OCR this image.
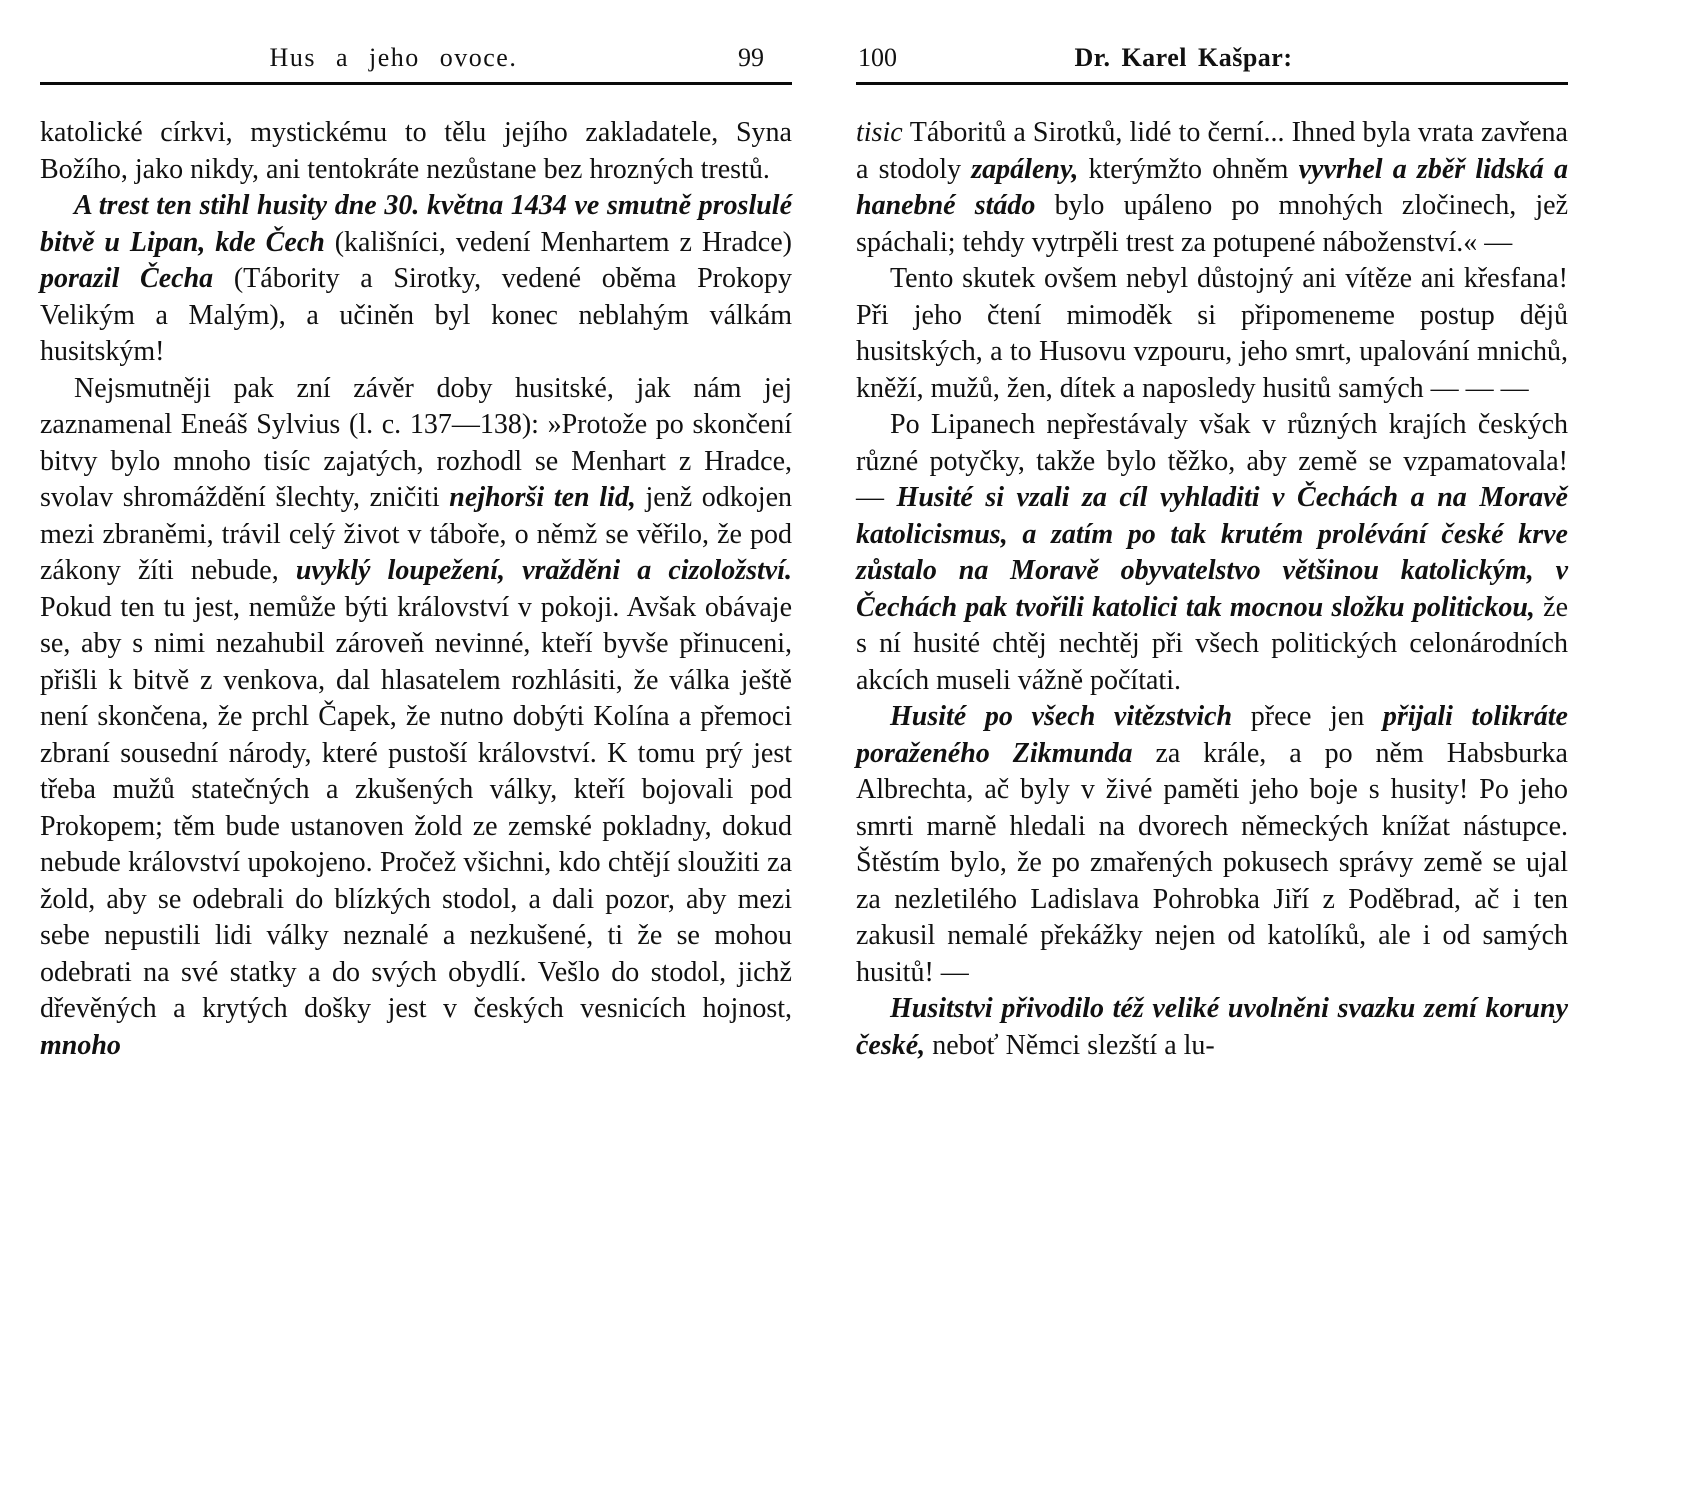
Hus a jeho ovoce.	99

katolické církvi, mystickému to tělu jejího zakladatele, Syna Božího, jako nikdy, ani tentokráte nezůstane bez hrozných trestů.

A trest ten stihl husity dne 30. května 1434 ve smutně proslulé bitvě u Lipan, kde Čech (kališníci, vedení Menhartem z Hradce) porazil Čecha (Tábority a Sirotky, vedené oběma Prokopy Velikým a Malým), a učiněn byl konec neblahým válkám husitským!

Nejsmutněji pak zní závěr doby husitské, jak nám jej zaznamenal Eneáš Sylvius (l. c. 137—138): »Protože po skončení bitvy bylo mnoho tisíc zajatých, rozhodl se Menhart z Hradce, svolav shromáždění šlechty, zničiti nejhorši ten lid, jenž odkojen mezi zbraněmi, trávil celý život v táboře, o němž se věřilo, že pod zákony žíti nebude, uvyklý loupežení, vražděni a cizoložství. Pokud ten tu jest, nemůže býti království v pokoji. Avšak obávaje se, aby s nimi nezahubil zároveň nevinné, kteří byvše přinuceni, přišli k bitvě z venkova, dal hlasatelem rozhlásiti, že válka ještě není skončena, že prchl Čapek, že nutno dobýti Kolína a přemoci zbraní sousední národy, které pustoší království. K tomu prý jest třeba mužů statečných a zkušených války, kteří bojovali pod Prokopem; těm bude ustanoven žold ze zemské pokladny, dokud nebude království upokojeno. Pročež všichni, kdo chtějí sloužiti za žold, aby se odebrali do blízkých stodol, a dali pozor, aby mezi sebe nepustili lidi války neznalé a nezkušené, ti že se mohou odebrati na své statky a do svých obydlí. Vešlo do stodol, jichž dřevěných a krytých došky jest v českých vesnicích hojnost, mnoho

100	Dr. Karel Kašpar:

tisic Táboritů a Sirotků, lidé to černí... Ihned byla vrata zavřena a stodoly zapáleny, kterýmžto ohněm vyvrhel a zběř lidská a hanebné stádo bylo upáleno po mnohých zločinech, jež spáchali; tehdy vytrpěli trest za potupené náboženství.« —

Tento skutek ovšem nebyl důstojný ani vítěze ani křesfana! Při jeho čtení mimoděk si připomeneme postup dějů husitských, a to Husovu vzpouru, jeho smrt, upalování mnichů, kněží, mužů, žen, dítek a naposledy husitů samých — — —

Po Lipanech nepřestávaly však v různých krajích českých různé potyčky, takže bylo těžko, aby země se vzpamatovala! — Husité si vzali za cíl vyhladiti v Čechách a na Moravě katolicismus, a zatím po tak krutém prolévání české krve zůstalo na Moravě obyvatelstvo většinou katolickým, v Čechách pak tvořili katolici tak mocnou složku politickou, že s ní husité chtěj nechtěj při všech politických celonárodních akcích museli vážně počítati.

Husité po všech vitězstvich přece jen přijali tolikráte poraženého Zikmunda za krále, a po něm Habsburka Albrechta, ač byly v živé paměti jeho boje s husity! Po jeho smrti marně hledali na dvorech německých knížat nástupce. Štěstím bylo, že po zmařených pokusech správy země se ujal za nezletilého Ladislava Pohrobka Jiří z Poděbrad, ač i ten zakusil nemalé překážky nejen od katolíků, ale i od samých husitů! —

Husitstvi přivodilo též veliké uvolněni svazku zemí koruny české, neboť Němci slezští a lu-
